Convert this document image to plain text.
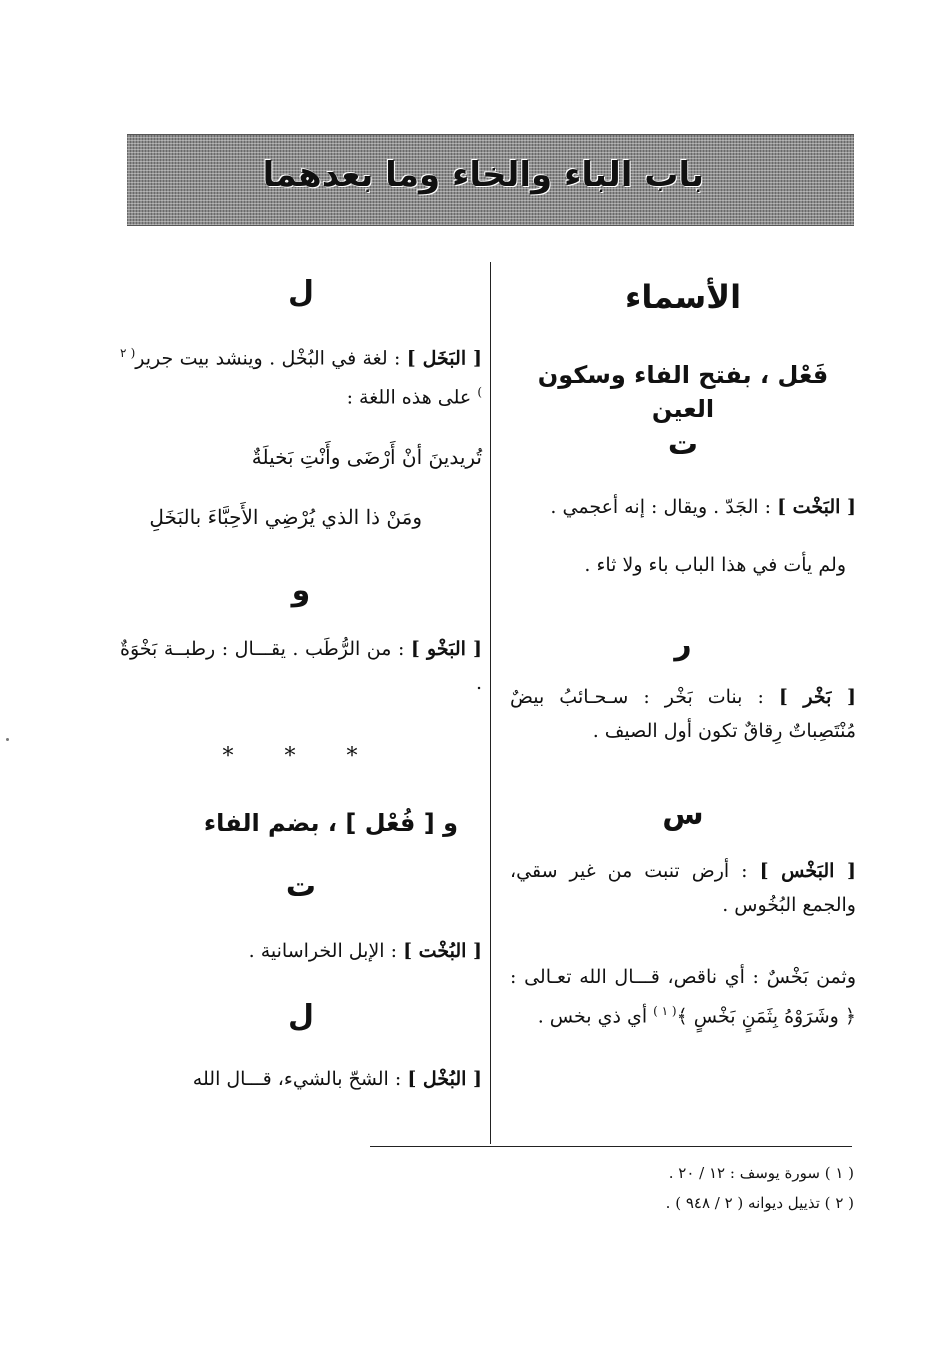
باب الباء والخاء وما بعدهما
الأسماء
فَعْل ، بفتح الفاء وسكون العين
ت
[ البَخْت ] : الجَدّ . ويقال : إنه أعجمي .
ولم يأت في هذا الباب باء ولا ثاء .
ر
[ بَخْر ] : بنات بَخْر : سـحـائبُ بيضٌ مُنْتَصِباتٌ رِقاقٌ تكون أول الصيف .
س
[ البَخْس ] : أرض تنبت من غير سقي، والجمع البُخُوس .
وثمن بَخْسٌ : أي ناقص، قـــال الله تعـالى : ﴿ وشَرَوْهُ بِثَمَنٍ بَخْسٍ ﴾$^{( ١ )}$ أي ذي بخس .
ل
[ البَخَل ] : لغة في البُخْل . وينشد بيت جرير$^{( ٢ )}$ على هذه اللغة :
تُريدينَ أنْ أَرْضَى وأَنْتِ بَخيلَةٌ
ومَنْ ذا الذي يُرْضِي الأَحِبَّاءَ بالبَخَلِ
و
[ البَخْو ] : من الرُّطَب . يقـــال : رطبــة بَخْوَةٌ .
* * *
و [ فُعْل ] ، بضم الفاء
ت
[ البُخْت ] : الإبل الخراسانية .
ل
[ البُخْل ] : الشحّ بالشيء، قـــال الله
( ١ ) سورة يوسف : ١٢ / ٢٠ .
( ٢ ) تذييل ديوانه ( ٢ / ٩٤٨ ) .
